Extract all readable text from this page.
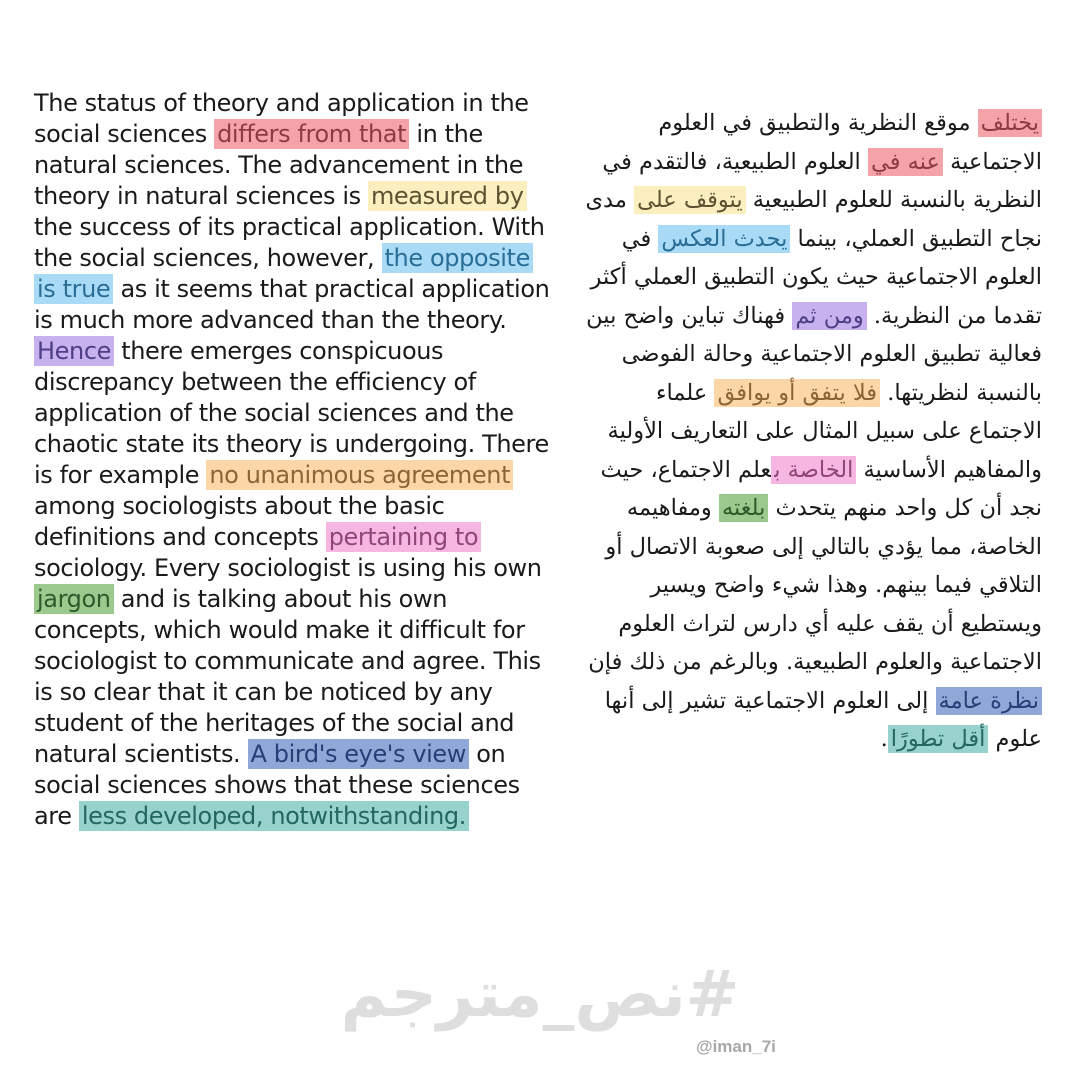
The status of theory and application in the social sciences differs from that in the natural sciences. The advancement in the theory in natural sciences is measured by the success of its practical application. With the social sciences, however, the opposite is true as it seems that practical application is much more advanced than the theory. Hence there emerges conspicuous discrepancy between the efficiency of application of the social sciences and the chaotic state its theory is undergoing. There is for example no unanimous agreement among sociologists about the basic definitions and concepts pertaining to sociology. Every sociologist is using his own jargon and is talking about his own concepts, which would make it difficult for sociologist to communicate and agree. This is so clear that it can be noticed by any student of the heritages of the social and natural scientists. A bird's eye's view on social sciences shows that these sciences are less developed, notwithstanding.
يختلف موقع النظرية والتطبيق في العلوم الاجتماعية عنه في العلوم الطبيعية، فالتقدم في النظرية بالنسبة للعلوم الطبيعية يتوقف على مدى نجاح التطبيق العملي، بينما يحدث العكس في العلوم الاجتماعية حيث يكون التطبيق العملي أكثر تقدما من النظرية. ومن ثم فهناك تباين واضح بين فعالية تطبيق العلوم الاجتماعية وحالة الفوضى بالنسبة لنظريتها. فلا يتفق أو يوافق علماء الاجتماع على سبيل المثال على التعاريف الأولية والمفاهيم الأساسية الخاصة بعلم الاجتماع، حيث نجد أن كل واحد منهم يتحدث بلغته ومفاهيمه الخاصة، مما يؤدي بالتالي إلى صعوبة الاتصال أو التلاقي فيما بينهم. وهذا شيء واضح ويسير ويستطيع أن يقف عليه أي دارس لتراث العلوم الاجتماعية والعلوم الطبيعية. وبالرغم من ذلك فإن نظرة عامة إلى العلوم الاجتماعية تشير إلى أنها علوم أقل تطورًا.
#نص_مترجم
@iman_7i
